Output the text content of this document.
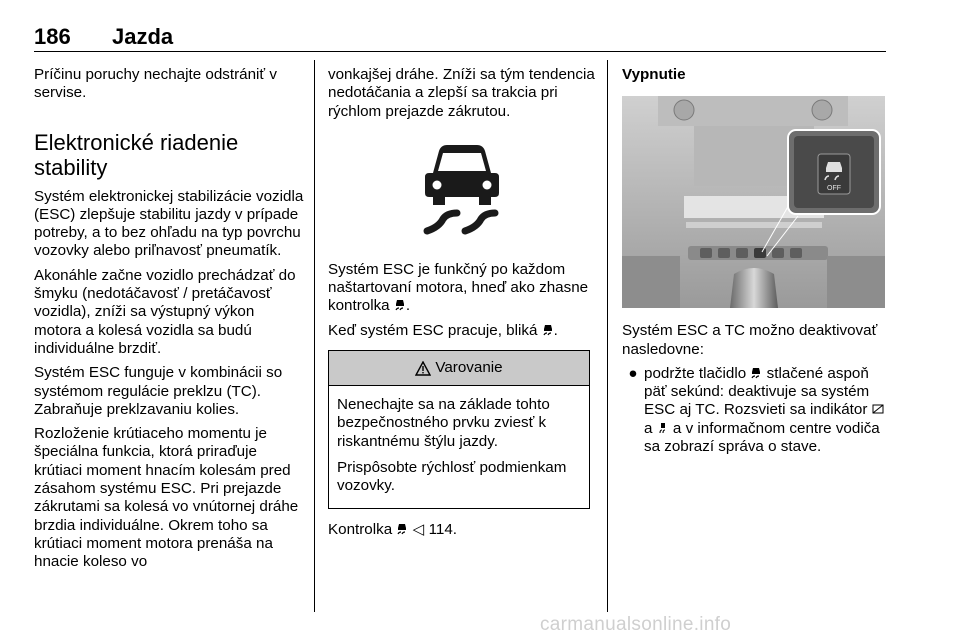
186 Jazda

Príčinu poruchy nechajte odstrániť v servise.

Elektronické riadenie stability

Systém elektronickej stabilizácie vozidla (ESC) zlepšuje stabilitu jazdy v prípade potreby, a to bez ohľadu na typ povrchu vozovky alebo priľnavosť pneumatík.

Akonáhle začne vozidlo prechádzať do šmyku (nedotáčavosť / pretáčavosť vozidla), zníži sa výstupný výkon motora a kolesá vozidla sa budú individuálne brzdiť.

Systém ESC funguje v kombinácii so systémom regulácie preklzu (TC). Zabraňuje preklzavaniu kolies.

Rozloženie krútiaceho momentu je špeciálna funkcia, ktorá priraďuje krútiaci moment hnacím kolesám pred zásahom systému ESC. Pri prejazde zákrutami sa kolesá vo vnútornej dráhe brzdia individuálne. Okrem toho sa krútiaci moment motora prenáša na hnacie koleso vo

vonkajšej dráhe. Zníži sa tým tendencia nedotáčania a zlepší sa trakcia pri rýchlom prejazde zákrutou.

Systém ESC je funkčný po každom naštartovaní motora, hneď ako zhasne kontrolka .

Keď systém ESC pracuje, bliká .

Varovanie

Nenechajte sa na základe tohto bezpečnostného prvku zviesť k riskantnému štýlu jazdy.

Prispôsobte rýchlosť podmienkam vozovky.

Kontrolka ◁ 114.

Vypnutie
OFF

Systém ESC a TC možno deaktivovať nasledovne:

● podržte tlačidlo stlačené aspoň päť sekúnd: deaktivuje sa systém ESC aj TC. Rozsvieti sa indikátor  a a v informačnom centre vodiča sa zobrazí správa o stave.
carmanualsonline.info
